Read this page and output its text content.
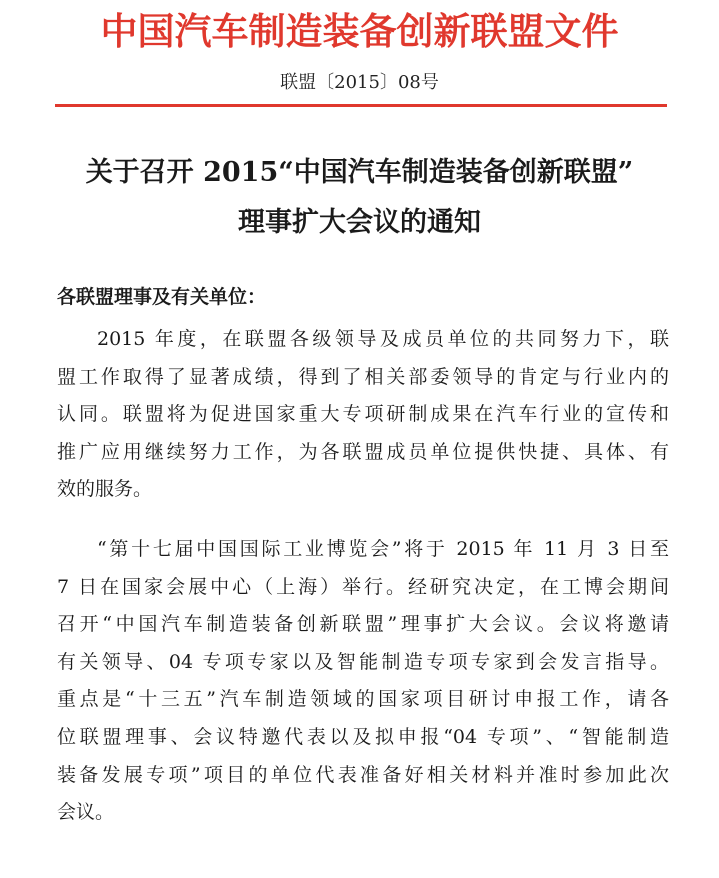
中国汽车制造装备创新联盟文件
联盟〔2015〕08号
关于召开 2015“中国汽车制造装备创新联盟”
理事扩大会议的通知
各联盟理事及有关单位：
2015 年度，在联盟各级领导及成员单位的共同努力下，联
盟工作取得了显著成绩，得到了相关部委领导的肯定与行业内的
认同。联盟将为促进国家重大专项研制成果在汽车行业的宣传和
推广应用继续努力工作，为各联盟成员单位提供快捷、具体、有
效的服务。
“第十七届中国国际工业博览会”将于 2015 年 11 月 3 日至
7 日在国家会展中心（上海）举行。经研究决定，在工博会期间
召开“中国汽车制造装备创新联盟”理事扩大会议。会议将邀请
有关领导、04 专项专家以及智能制造专项专家到会发言指导。
重点是“十三五”汽车制造领域的国家项目研讨申报工作，请各
位联盟理事、会议特邀代表以及拟申报“04 专项”、“智能制造
装备发展专项”项目的单位代表准备好相关材料并准时参加此次
会议。
